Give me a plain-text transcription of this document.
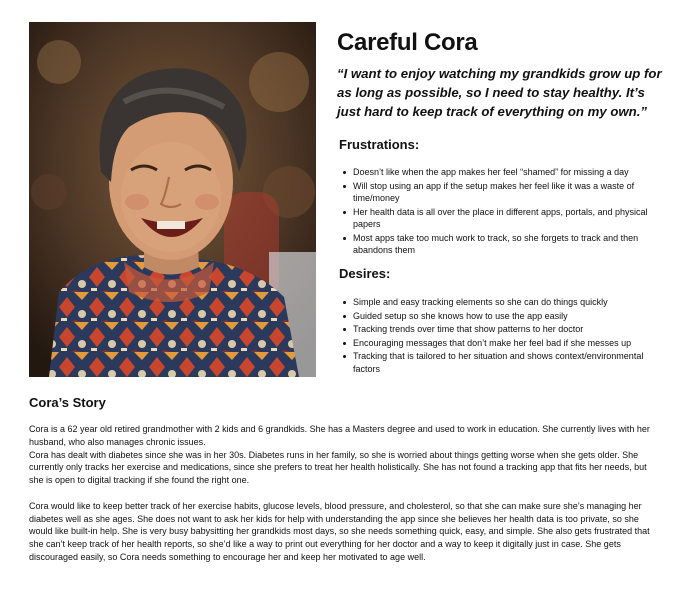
Careful Cora

“I want to enjoy watching my grandkids grow up for as long as possible, so I need to stay healthy. It’s just hard to keep track of everything on my own.”

Frustrations:
Doesn’t like when the app makes her feel “shamed” for missing a day
Will stop using an app if the setup makes her feel like it was a waste of time/money
Her health data is all over the place in different apps, portals, and physical papers
Most apps take too much work to track, so she forgets to track and then abandons them
Desires:
Simple and easy tracking elements so she can do things quickly
Guided setup so she knows how to use the app easily
Tracking trends over time that show patterns to her doctor
Encouraging messages that don’t make her feel bad if she messes up
Tracking that is tailored to her situation and shows context/environmental factors
Cora’s Story

Cora is a 62 year old retired grandmother with 2 kids and 6 grandkids. She has a Masters degree and used to work in education. She currently lives with her husband, who also manages chronic issues.

Cora has dealt with diabetes since she was in her 30s. Diabetes runs in her family, so she is worried about things getting worse when she gets older. She currently only tracks her exercise and medications, since she prefers to treat her health holistically. She has not found a tracking app that fits her needs, but she is open to digital tracking if she found the right one.

Cora would like to keep better track of her exercise habits, glucose levels, blood pressure, and cholesterol, so that she can make sure she’s managing her diabetes well as she ages. She does not want to ask her kids for help with understanding the app since she believes her health data is too private, so she would like built-in help. She is very busy babysitting her grandkids most days, so she needs something quick, easy, and simple. She also gets frustrated that she can’t keep track of her health reports, so she’d like a way to print out everything for her doctor and a way to keep it digitally just in case. She gets discouraged easily, so Cora needs something to encourage her and keep her motivated to age well.
